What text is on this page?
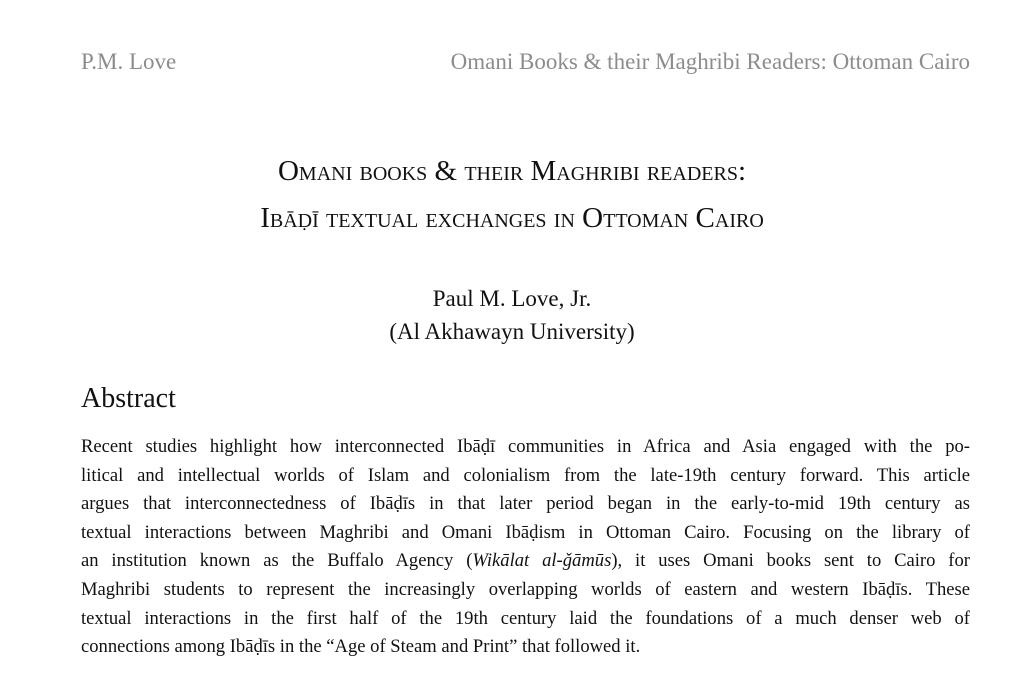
P.M. Love	Omani Books & their Maghribi Readers: Ottoman Cairo
Omani books & their Maghribi readers:
Ibāḍī textual exchanges in Ottoman Cairo
Paul M. Love, Jr.
(Al Akhawayn University)
Abstract

Recent studies highlight how interconnected Ibāḍī communities in Africa and Asia engaged with the po-
litical and intellectual worlds of Islam and colonialism from the late-19th century forward. This article
argues that interconnectedness of Ibāḍīs in that later period began in the early-to-mid 19th century as
textual interactions between Maghribi and Omani Ibāḍism in Ottoman Cairo. Focusing on the library of
an institution known as the Buffalo Agency (Wikālat al-ǧāmūs), it uses Omani books sent to Cairo for
Maghribi students to represent the increasingly overlapping worlds of eastern and western Ibāḍīs. These
textual interactions in the first half of the 19th century laid the foundations of a much denser web of
connections among Ibāḍīs in the “Age of Steam and Print” that followed it.
